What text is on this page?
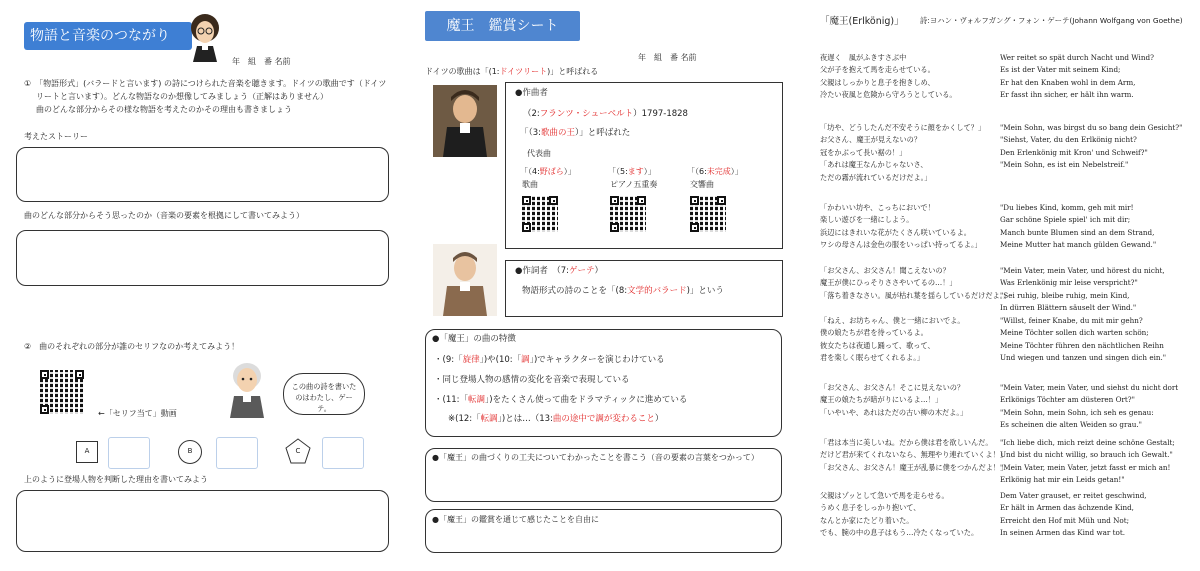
物語と音楽のつながり
年　組　番 名前
①　「物語形式」(バラードと言います) の詩につけられた音楽を聴きます。ドイツの歌曲です（ドイツ
リートと言います）。どんな物語なのか想像してみましょう（正解はありません）
曲のどんな部分からその様な物語を考えたのかその理由も書きましょう
考えたストーリー
曲のどんな部分からそう思ったのか（音楽の要素を根拠にして書いてみよう）
②　曲のそれぞれの部分が誰のセリフなのか考えてみよう！
←「セリフ当て」動画
この曲の詩を書いたのはわたし、ゲーテ。
A	B	C
上のように登場人物を判断した理由を書いてみよう
魔王　鑑賞シート
年　組　番 名前
ドイツの歌曲は「(1:ドイツリート)」と呼ばれる
●作曲者
（2:フランツ・シューベルト）1797-1828
「（3:歌曲の王）」と呼ばれた
代表曲
「（4:野ばら）」
歌曲
「（5:ます）」
ピアノ五重奏
「（6:未完成）」
交響曲
●作詞者　 （7:ゲーテ）
物語形式の詩のことを「(8:文学的バラード)」という
●「魔王」の曲の特徴
・(9:「旋律」)や(10:「調」)でキャラクターを演じわけている
・同じ登場人物の感情の変化を音楽で表現している
・(11:「転調」)をたくさん使って曲をドラマティックに進めている
※(12:「転調」)とは…（13:曲の途中で調が変わること）
●「魔王」の曲づくりの工夫についてわかったことを書こう（音の要素の言葉をつかって）
●「魔王」の鑑賞を通じて感じたことを自由に
「魔王(Erlkönig)」 詩:ヨハン・ヴォルフガング・フォン・ゲーテ(Johann Wolfgang von Goethe)
夜遅く　風がふきすさぶ中
父が子を抱えて馬を走らせている。
父親はしっかりと息子を抱きしめ、
冷たい夜風と危険から守ろうとしている。
「坊や、どうしたんだ不安そうに顔をかくして？」
お父さん、魔王が見えないの？
冠をかぶって長い裾の！」
「あれは魔王なんかじゃないさ、
ただの霧が流れているだけだよ。」
「かわいい坊や、こっちにおいで！
楽しい遊びを一緒にしよう。
浜辺にはきれいな花がたくさん咲いているよ。
ワシの母さんは金色の服をいっぱい持ってるよ。」
「お父さん、お父さん！聞こえないの？
魔王が僕にひっそりささやいてるの…！」
「落ち着きなさい。風が枯れ葉を揺らしているだけだよ。」
「ねえ、お坊ちゃん、僕と一緒においでよ。
僕の娘たちが君を待っているよ。
彼女たちは夜通し踊って、歌って、
君を楽しく眠らせてくれるよ。」
「お父さん、お父さん！そこに見えないの？
魔王の娘たちが暗がりにいるよ…！」
「いやいや、あれはただの古い柳の木だよ。」
「君は本当に美しいね。だから僕は君を欲しいんだ。
だけど君が来てくれないなら、無理やり連れていくよ！」
「お父さん、お父さん！魔王が乱暴に僕をつかんだよ！」
父親はゾッとして急いで馬を走らせる。
うめく息子をしっかり抱いて、
なんとか家にたどり着いた。
でも、腕の中の息子はもう…冷たくなっていた。
Wer reitet so spät durch Nacht und Wind?
Es ist der Vater mit seinem Kind;
Er hat den Knaben wohl in dem Arm,
Er fasst ihn sicher, er hält ihn warm.
"Mein Sohn, was birgst du so bang dein Gesicht?"
"Siehst, Vater, du den Erlkönig nicht?
Den Erlenkönig mit Kron' und Schweif?"
"Mein Sohn, es ist ein Nebelstreif."
"Du liebes Kind, komm, geh mit mir!
Gar schöne Spiele spiel' ich mit dir;
Manch bunte Blumen sind an dem Strand,
Meine Mutter hat manch gülden Gewand."
"Mein Vater, mein Vater, und hörest du nicht,
Was Erlenkönig mir leise verspricht?"
"Sei ruhig, bleibe ruhig, mein Kind,
In dürren Blättern säuselt der Wind."
"Willst, feiner Knabe, du mit mir gehn?
Meine Töchter sollen dich warten schön;
Meine Töchter führen den nächtlichen Reihn
Und wiegen und tanzen und singen dich ein."
"Mein Vater, mein Vater, und siehst du nicht dort
Erlkönigs Töchter am düsteren Ort?"
"Mein Sohn, mein Sohn, ich seh es genau:
Es scheinen die alten Weiden so grau."
"Ich liebe dich, mich reizt deine schöne Gestalt;
Und bist du nicht willig, so brauch ich Gewalt."
"Mein Vater, mein Vater, jetzt fasst er mich an!
Erlkönig hat mir ein Leids getan!"
Dem Vater grauset, er reitet geschwind,
Er hält in Armen das ächzende Kind,
Erreicht den Hof mit Müh und Not;
In seinen Armen das Kind war tot.
